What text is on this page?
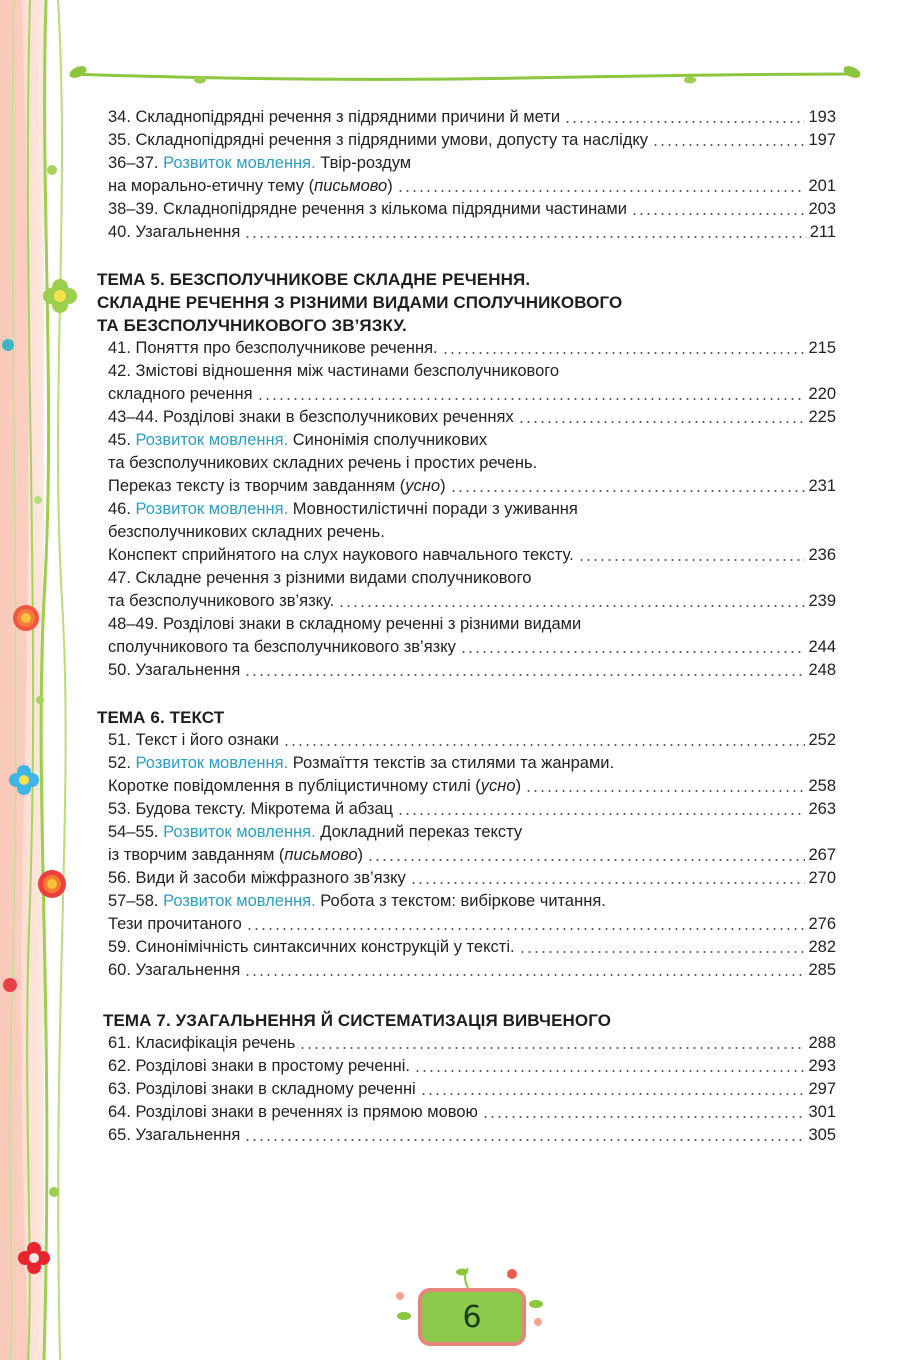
34. Складнопідрядні речення з підрядними причини й мети	193
35. Складнопідрядні речення з підрядними умови, допусту та наслідку	197
36–37. Розвиток мовлення. Твір-роздум
на морально-етичну тему (письмово)	201
38–39. Складнопідрядне речення з кількома підрядними частинами	203
40. Узагальнення	211
ТЕМА 5. БЕЗСПОЛУЧНИКОВЕ СКЛАДНЕ РЕЧЕННЯ.
СКЛАДНЕ РЕЧЕННЯ З РІЗНИМИ ВИДАМИ СПОЛУЧНИКОВОГО
ТА БЕЗСПОЛУЧНИКОВОГО ЗВ’ЯЗКУ.
41. Поняття про безсполучникове речення.	215
42. Змістові відношення між частинами безсполучникового
складного речення	220
43–44. Розділові знаки в безсполучникових реченнях	225
45. Розвиток мовлення. Синонімія сполучникових
та безсполучникових складних речень і простих речень.
Переказ тексту із творчим завданням (усно)	231
46. Розвиток мовлення. Мовностилістичні поради з уживання
безсполучникових складних речень.
Конспект сприйнятого на слух наукового навчального тексту.	236
47. Складне речення з різними видами сполучникового
та безсполучникового зв’язку.	239
48–49. Розділові знаки в складному реченні з різними видами
сполучникового та безсполучникового зв’язку	244
50. Узагальнення	248
ТЕМА 6. ТЕКСТ
51. Текст і його ознаки	252
52. Розвиток мовлення. Розмаїття текстів за стилями та жанрами.
Коротке повідомлення в публіцистичному стилі (усно)	258
53. Будова тексту. Мікротема й абзац	263
54–55. Розвиток мовлення. Докладний переказ тексту
із творчим завданням (письмово)	267
56. Види й засоби міжфразного зв’язку	270
57–58. Розвиток мовлення. Робота з текстом: вибіркове читання.
Тези прочитаного	276
59. Синонімічність синтаксичних конструкцій у тексті.	282
60. Узагальнення	285
ТЕМА 7. УЗАГАЛЬНЕННЯ Й СИСТЕМАТИЗАЦІЯ ВИВЧЕНОГО
61. Класифікація речень	288
62. Розділові знаки в простому реченні.	293
63. Розділові знаки в складному реченні	297
64. Розділові знаки в реченнях із прямою мовою	301
65. Узагальнення	305
6
